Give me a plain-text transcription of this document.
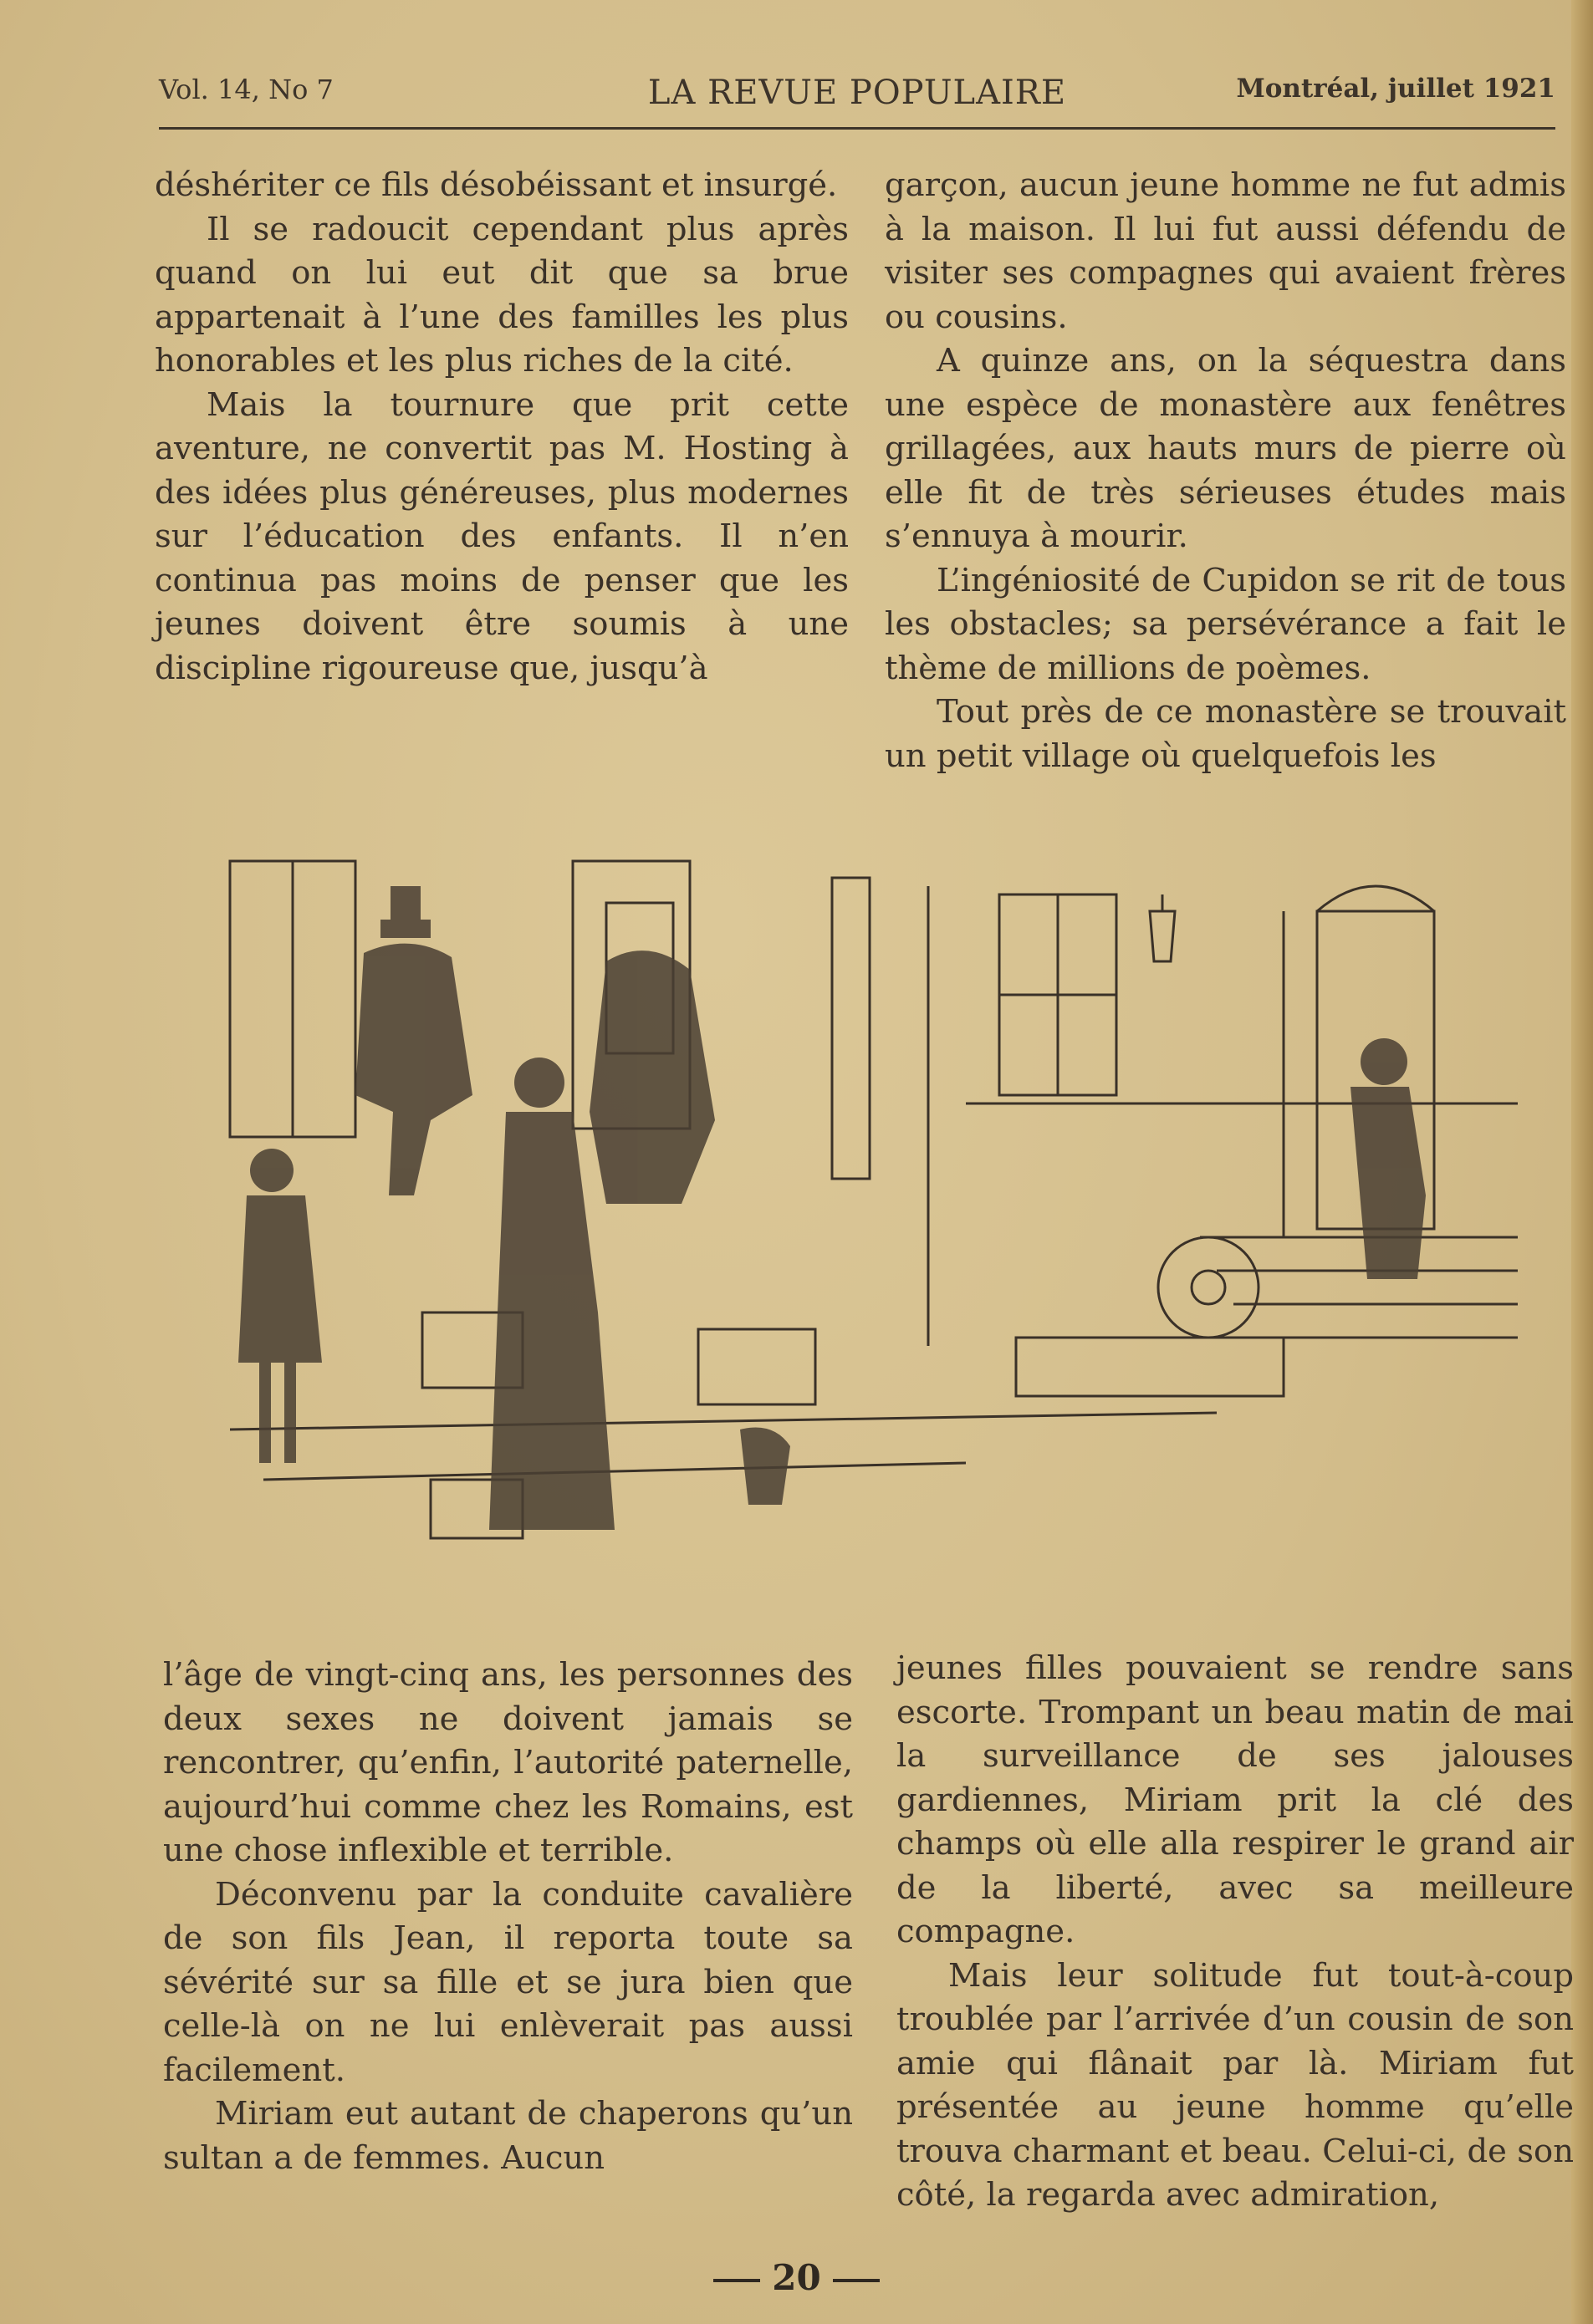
Vol. 14, No 7	LA REVUE POPULAIRE	Montréal, juillet 1921

déshériter ce fils désobéissant et insurgé.

Il se radoucit cependant plus après quand on lui eut dit que sa brue appartenait à l’une des familles les plus honorables et les plus riches de la cité.

Mais la tournure que prit cette aventure, ne convertit pas M. Hosting à des idées plus généreuses, plus modernes sur l’éducation des enfants. Il n’en continua pas moins de penser que les jeunes doivent être soumis à une discipline rigoureuse que, jusqu’à

garçon, aucun jeune homme ne fut admis à la maison. Il lui fut aussi défendu de visiter ses compagnes qui avaient frères ou cousins.

A quinze ans, on la séquestra dans une espèce de monastère aux fenêtres grillagées, aux hauts murs de pierre où elle fit de très sérieuses études mais s’ennuya à mourir.

L’ingéniosité de Cupidon se rit de tous les obstacles; sa persévérance a fait le thème de millions de poèmes.

Tout près de ce monastère se trouvait un petit village où quelquefois les

l’âge de vingt-cinq ans, les personnes des deux sexes ne doivent jamais se rencontrer, qu’enfin, l’autorité paternelle, aujourd’hui comme chez les Romains, est une chose inflexible et terrible.

Déconvenu par la conduite cavalière de son fils Jean, il reporta toute sa sévérité sur sa fille et se jura bien que celle-là on ne lui enlèverait pas aussi facilement.

Miriam eut autant de chaperons qu’un sultan a de femmes. Aucun

jeunes filles pouvaient se rendre sans escorte. Trompant un beau matin de mai la surveillance de ses jalouses gardiennes, Miriam prit la clé des champs où elle alla respirer le grand air de la liberté, avec sa meilleure compagne.

Mais leur solitude fut tout-à-coup troublée par l’arrivée d’un cousin de son amie qui flânait par là. Miriam fut présentée au jeune homme qu’elle trouva charmant et beau. Celui-ci, de son côté, la regarda avec admiration,

20
